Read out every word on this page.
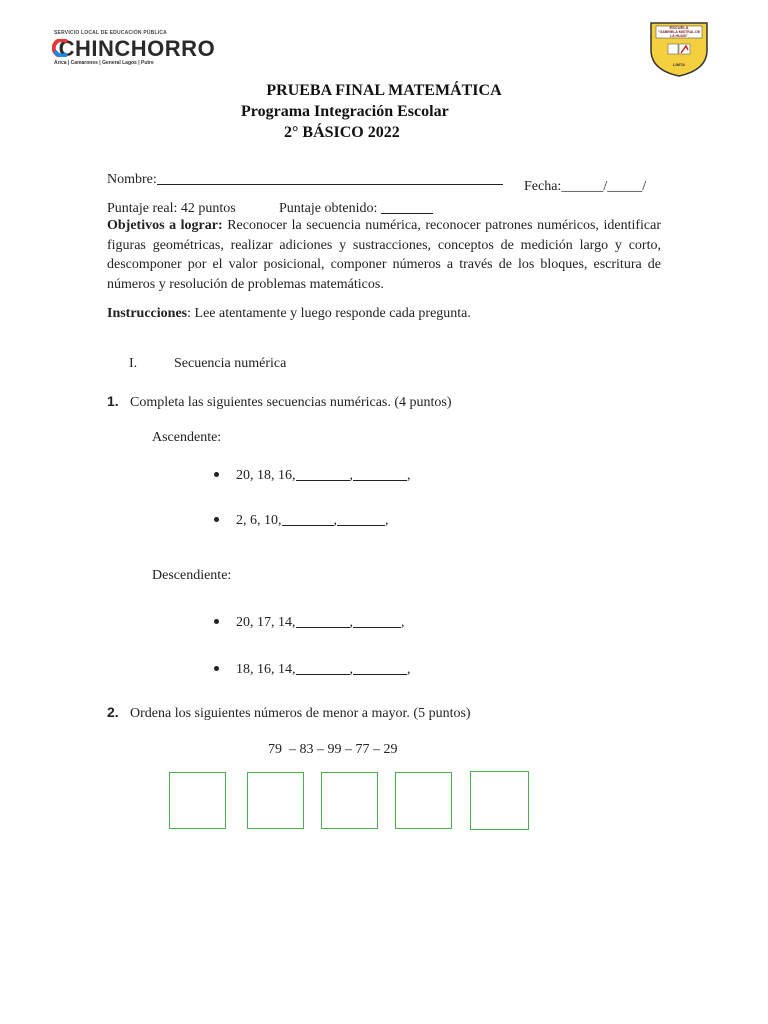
SERVICIO LOCAL DE EDUCACIÓN PÚBLICA
CHINCHORRO
Arica | Camarones | General Lagos | Putre
ESCUELA
"GABRIELA MISTRAL DE LA HUASI"
LIMTA
PRUEBA FINAL MATEMÁTICA
Programa Integración Escolar
2° BÁSICO 2022
Nombre:	Fecha:______/_____/
Puntaje real: 42 puntos	Puntaje obtenido:
Objetivos a lograr: Reconocer la secuencia numérica, reconocer patrones numéricos, identificar figuras geométricas, realizar adiciones y sustracciones, conceptos de medición largo y corto, descomponer por el valor posicional, componer números a través de los bloques, escritura de números y resolución de problemas matemáticos.
Instrucciones: Lee atentamente y luego responde cada pregunta.
I.	Secuencia numérica
1. Completa las siguientes secuencias numéricas. (4 puntos)
Ascendente:
20, 18, 16,	,	,
2, 6, 10,	,	,
Descendiente:
20, 17, 14,	,	,
18, 16, 14,	,	,
2. Ordena los siguientes números de menor a mayor. (5 puntos)
79  – 83 – 99 – 77 – 29
